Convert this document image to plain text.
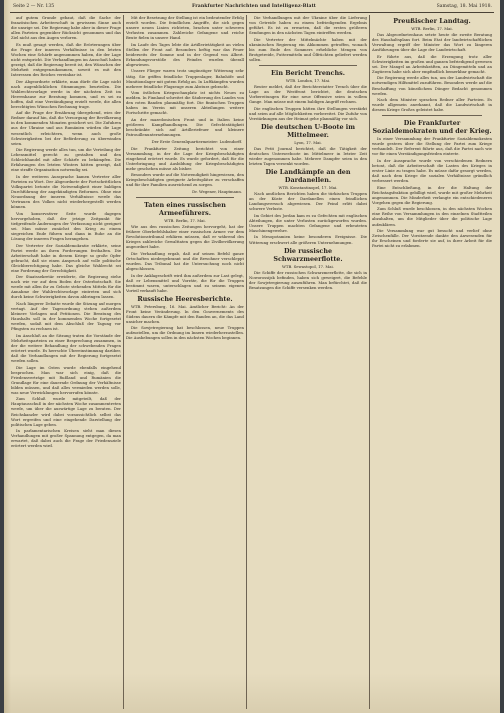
Seite 2 — Nr. 135	Frankfurter Nachrichten und Intelligenz-Blatt	Samstag, 18. Mai 1918.

auf gutem Grunde gebaut, daß die Sache der französischen Arbeiterschaft in gewissem Sinne auch die unsrige sei. Die Regierung habe aber in dieser Frage allen Parteien gegenüber Rücksicht genommen und das Ziel nicht aus den Augen verloren.

Es muß gesagt werden, daß die Erörterungen über die Frage der inneren Verhältnisse in den letzten Wochen eine Schärfe angenommen haben, die der Lage nicht entspricht. Die Verhandlungen im Ausschuß haben gezeigt, daß die Regierung bereit ist, den Wünschen der Mehrheit entgegenzukommen, soweit es mit den Interessen des Reiches vereinbar ist.

Der Abgeordnete erklärte, man dürfe die Lage nicht nach augenblicklichen Stimmungen beurteilen. Die Wahlrechtsvorlage werde in der nächsten Zeit im Herrenhause zur Beratung kommen, und es sei zu hoffen, daß eine Verständigung erzielt werde, die allen berechtigten Wünschen Rechnung trage.

Auf die Frage der Ernährung übergehend, wies der Redner darauf hin, daß die Versorgung der Bevölkerung in den kommenden Monaten gesichert sei. Die Zufuhren aus der Ukraine und aus Rumänien würden die Lage wesentlich erleichtern, wenn auch große Schwierigkeiten bei der Beförderung zu überwinden seien.

Die Regierung werde alles tun, um die Verteilung der Lebensmittel gerecht zu gestalten und den Schleichhandel mit aller Schärfe zu bekämpfen. Die Erfahrungen des letzten Winters hätten gezeigt, daß eine straffe Organisation notwendig sei.

In der weiteren Aussprache kamen Vertreter aller Parteien zu Wort. Der Abgeordnete der Fortschrittlichen Volkspartei betonte die Notwendigkeit einer baldigen Durchführung der angekündigten Reformen. Ohne eine Neuordnung der inneren Verhältnisse werde das Vertrauen des Volkes nicht wiederhergestellt werden können.

Von konservativer Seite wurde dagegen hervorgehoben, daß der jetzige Zeitpunkt für tiefgreifende Änderungen der Verfassung nicht geeignet sei. Man müsse zunächst den Krieg zu einem siegreichen Ende führen und dann in Ruhe an die Lösung der inneren Fragen herangehen.

Der Vertreter der Sozialdemokratie erklärte, seine Partei werde an ihren Forderungen festhalten. Die Arbeiterschaft habe in diesem Kriege so große Opfer gebracht, daß sie einen Anspruch auf volle politische Gleichberechtigung habe. Das gleiche Wahlrecht sei eine Forderung der Gerechtigkeit.

Der Staatssekretär erwiderte, die Regierung stehe nach wie vor auf dem Boden der Osterbotschaft. Sie werde mit allen ihr zu Gebote stehenden Mitteln für die Annahme der Wahlrechtsvorlage eintreten und sich durch keine Schwierigkeiten davon abbringen lassen.

Nach längerer Debatte wurde die Sitzung auf morgen vertagt. Auf der Tagesordnung stehen außerdem kleinere Vorlagen und Petitionen. Die Beratung des Haushalts soll in der kommenden Woche fortgesetzt werden, sodaß mit dem Abschluß der Tagung vor Pfingsten zu rechnen ist.

Im Anschluß an die Sitzung traten die Vorstände der Mehrheitsparteien zu einer Besprechung zusammen, in der die weitere Behandlung der schwebenden Fragen erörtert wurde. Es herrschte Übereinstimmung darüber, daß die Verhandlungen mit der Regierung fortgesetzt werden sollen.

Die Lage im Osten wurde ebenfalls eingehend besprochen. Man war sich einig, daß die Friedensverträge mit Rußland und Rumänien die Grundlage für eine dauernde Ordnung der Verhältnisse bilden müssen, und daß alles vermieden werden solle, was neue Verwicklungen hervorrufen könnte.

Zum Schluß wurde mitgeteilt, daß der Hauptausschuß in der nächsten Woche zusammentreten werde, um über die auswärtige Lage zu beraten. Der Reichskanzler wird dabei voraussichtlich selbst das Wort ergreifen und eine eingehende Darstellung der politischen Lage geben.

In parlamentarischen Kreisen sieht man diesen Verhandlungen mit großer Spannung entgegen, da man erwartet, daß dabei auch die Frage der Friedensziele erörtert werden wird.

Mit der Besetzung der Stellung ist ein bedeutender Erfolg erzielt worden. Die feindlichen Angriffe, die sich gegen unsere neuen Linien richteten, brachen unter schweren Verlusten zusammen. Zahlreiche Gefangene und reiche Beute fielen in unsere Hand.

Im Laufe des Tages lebte die Artillerietätigkeit an vielen Stellen der Front auf. Besonders heftig war das Feuer beiderseits der Somme und in der Gegend von Albert. Erkundungsvorstöße des Feindes wurden überall abgewiesen.

Unsere Flieger waren trotz ungünstiger Witterung sehr tätig. Sie griffen feindliche Truppenlager, Bahnhöfe und Munitionslager mit gutem Erfolg an. In Luftkämpfen wurden mehrere feindliche Flugzeuge zum Absturz gebracht.

Vom östlichen Kriegsschauplatz ist nichts Neues zu melden. In Finnland schreitet die Säuberung des Landes von den roten Banden planmäßig fort. Die finnischen Truppen haben im Verein mit unseren Abteilungen weitere Fortschritte gemacht.

An der mazedonischen Front und in Italien keine größeren Kampfhandlungen. Die Gefechtstätigkeit beschränkte sich auf Artilleriefeuer und kleinere Patrouillenunternehmungen.

Der Erste Generalquartiermeister: Ludendorff.

Die Frankfurter Zeitung berichtet von einer Versammlung, in der die Lage der Kriegsbeschädigten eingehend erörtert wurde. Es wurde gefordert, daß für die Unterbringung und Ausbildung der Kriegsbeschädigten mehr geschehen müsse als bisher.

Besonders wurde auf die Notwendigkeit hingewiesen, den Kriegsbeschädigten geeignete Arbeitsplätze zu verschaffen und für ihre Familien ausreichend zu sorgen.

Dr. Wegener, Hauptmann.
Taten eines russischen Armeeführers.
WTB. Berlin, 17. Mai.

Wie aus den russischen Zeitungen hervorgeht, hat der frühere Oberbefehlshaber einer russischen Armee vor dem Revolutionstribunal erklären müssen, daß er während des Krieges zahlreiche Gewalttaten gegen die Zivilbevölkerung angeordnet habe.

Die Verhandlung ergab, daß auf seinen Befehl ganze Ortschaften niedergebrannt und die Bewohner verschleppt wurden. Das Tribunal hat die Untersuchung noch nicht abgeschlossen.

In der Anklageschrift wird ihm außerdem zur Last gelegt, daß er Lebensmittel und Vorräte, die für die Truppen bestimmt waren, unterschlagen und zu seinem eigenen Vorteil verkauft habe.

Russische Heeresberichte.

WTB. Petersburg, 16. Mai. Amtlicher Bericht: An der Front keine Veränderung. In den Gouvernements des Südens dauern die Kämpfe mit den Banden an, die das Land unsicher machen.

Die Sowjetregierung hat beschlossen, neue Truppen aufzustellen, um die Ordnung im Innern wiederherzustellen. Die Aushebungen sollen in den nächsten Wochen beginnen.

Die Verhandlungen mit der Ukraine über die Lieferung von Getreide haben zu einem befriedigenden Ergebnis geführt. Es ist zu erwarten, daß die ersten größeren Sendungen in den nächsten Tagen eintreffen werden.

Die Vertreter der Mittelmächte haben mit der ukrainischen Regierung ein Abkommen getroffen, wonach bis zum Ende des Sommers erhebliche Mengen von Brotgetreide, Futtermitteln und Ölfrüchten geliefert werden sollen.

Ein Bericht Trenchs.
WTB. London, 17. Mai.

Reuter meldet, daß der Berichterstatter Trench über die Lage an der Westfront berichtet, die deutschen Vorbereitungen für eine neue Offensive seien in vollem Gange. Man müsse mit einem baldigen Angriff rechnen.

Die englischen Truppen hätten ihre Stellungen verstärkt und seien auf alle Möglichkeiten vorbereitet. Die Zufuhr von Verstärkungen aus der Heimat gehe planmäßig vor sich.

Die deutschen U-Boote im Mittelmeer.
Lyon, 17. Mai.

Das Petit Journal berichtet, daß die Tätigkeit der deutschen Unterseeboote im Mittelmeer in letzter Zeit wieder zugenommen habe. Mehrere Dampfer seien in den letzten Tagen versenkt worden.

Die Landkämpfe an den Dardanellen.
WTB. Konstantinopel, 17. Mai.

Nach amtlichen Berichten haben die türkischen Truppen an der Küste der Dardanellen einen feindlichen Landungsversuch abgewiesen. Der Feind erlitt dabei schwere Verluste.

Im Gebiet des Jordan kam es zu Gefechten mit englischen Abteilungen, die unter Verlusten zurückgeworfen wurden. Unsere Truppen machten Gefangene und erbeuteten Maschinengewehre.

In Mesopotamien keine besonderen Ereignisse. Die Witterung erschwert alle größeren Unternehmungen.

Die russische Schwarzmeerflotte.
WTB. Sewastopol, 17. Mai.

Die Schiffe der russischen Schwarzmeerflotte, die sich in Noworossijsk befinden, haben sich geweigert, die Befehle der Sowjetregierung auszuführen. Man befürchtet, daß die Besatzungen die Schiffe versenken werden.

Preußischer Landtag.
WTB. Berlin, 17. Mai.

Das Abgeordnetenhaus setzte heute die zweite Beratung des Haushaltsplans fort. Beim Etat der landwirtschaftlichen Verwaltung ergriff der Minister das Wort zu längeren Ausführungen über die Lage der Landwirtschaft.

Er führte aus, daß die Erzeugung trotz aller Schwierigkeiten im großen und ganzen befriedigend gewesen sei. Der Mangel an Arbeitskräften, an Düngemitteln und an Zugtieren habe sich aber empfindlich bemerkbar gemacht.

Die Regierung werde alles tun, um der Landwirtschaft die notwendigen Hilfsmittel zuzuführen. Besonders werde auf die Beschaffung von künstlichem Dünger Bedacht genommen werden.

Nach dem Minister sprachen Redner aller Parteien. Es wurde allgemein anerkannt, daß die Landwirtschaft in diesem Kriege Großes geleistet habe.

Die Frankfurter Sozialdemokraten und der Krieg.

In einer Versammlung der Frankfurter Sozialdemokraten wurde gestern über die Stellung der Partei zum Kriege verhandelt. Der Referent führte aus, daß die Partei nach wie vor für einen Verständigungsfrieden eintrete.

In der Aussprache wurde von verschiedenen Rednern betont, daß die Arbeiterschaft die Lasten des Krieges in erster Linie zu tragen habe. Es müsse dafür gesorgt werden, daß nach dem Kriege die sozialen Verhältnisse gründlich verbessert werden.

Eine Entschließung, in der die Haltung der Reichstagsfraktion gebilligt wird, wurde mit großer Mehrheit angenommen. Die Minderheit verlangte ein entschiedeneres Vorgehen gegen die Regierung.

Zum Schluß wurde beschlossen, in den nächsten Wochen eine Reihe von Versammlungen in den einzelnen Stadtteilen abzuhalten, um die Mitglieder über die politische Lage aufzuklären.

Die Versammlung war gut besucht und verlief ohne Zwischenfälle. Der Vorsitzende dankte den Anwesenden für ihr Erscheinen und forderte sie auf, in ihrer Arbeit für die Partei nicht zu erlahmen.
